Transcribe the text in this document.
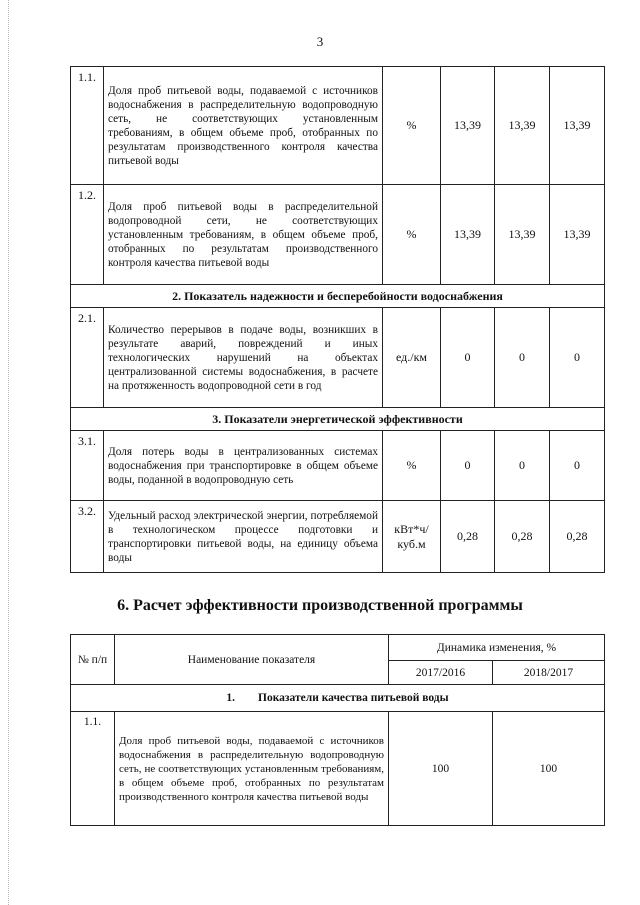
3
1.1.	Доля проб питьевой воды, подаваемой с источников водоснабжения в распределительную водопроводную сеть, не соответствующих установленным требованиям, в общем объеме проб, отобранных по результатам производственного контроля качества питьевой воды	%	13,39	13,39	13,39
1.2.	Доля проб питьевой воды в распределительной водопроводной сети, не соответствующих установленным требованиям, в общем объеме проб, отобранных по результатам производственного контроля качества питьевой воды	%	13,39	13,39	13,39
2. Показатель надежности и бесперебойности водоснабжения					
2.1.	Количество перерывов в подаче воды, возникших в результате аварий, повреждений и иных технологических нарушений на объектах централизованной системы водоснабжения, в расчете на протяженность водопроводной сети в год	ед./км	0	0	0
3. Показатели энергетической эффективности					
3.1.	Доля потерь воды в централизованных системах водоснабжения при транспортировке в общем объеме воды, поданной в водопроводную сеть	%	0	0	0
3.2.	Удельный расход электрической энергии, потребляемой в технологическом процессе подготовки и транспортировки питьевой воды, на единицу объема воды	кВт*ч/
куб.м	0,28	0,28	0,28
6. Расчет эффективности производственной программы
№ п/п	Наименование показателя	Динамика изменения, %	
		2017/2016	2018/2017
1.        Показатели качества питьевой воды			
1.1.	Доля проб питьевой воды, подаваемой с источников водоснабжения в распределительную водопроводную сеть, не соответствующих установленным требованиям, в общем объеме проб, отобранных по результатам производственного контроля качества питьевой воды	100	100
